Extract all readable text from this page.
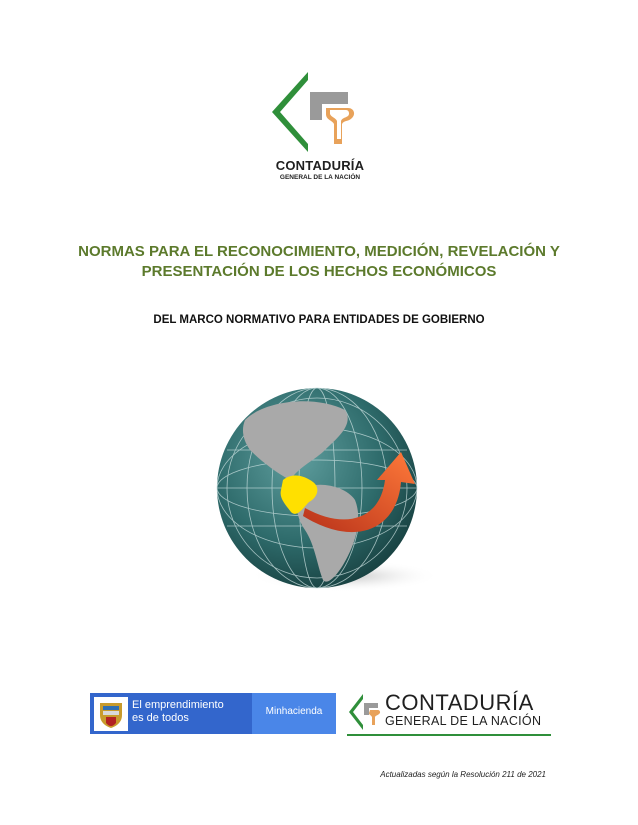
CONTADURÍA
GENERAL DE LA NACIÓN
NORMAS PARA EL RECONOCIMIENTO, MEDICIÓN, REVELACIÓN Y
PRESENTACIÓN DE LOS HECHOS ECONÓMICOS
DEL MARCO NORMATIVO PARA ENTIDADES DE GOBIERNO
El emprendimiento
es de todos
Minhacienda	CONTADURÍA
GENERAL DE LA NACIÓN
Actualizadas según la Resolución 211 de 2021
